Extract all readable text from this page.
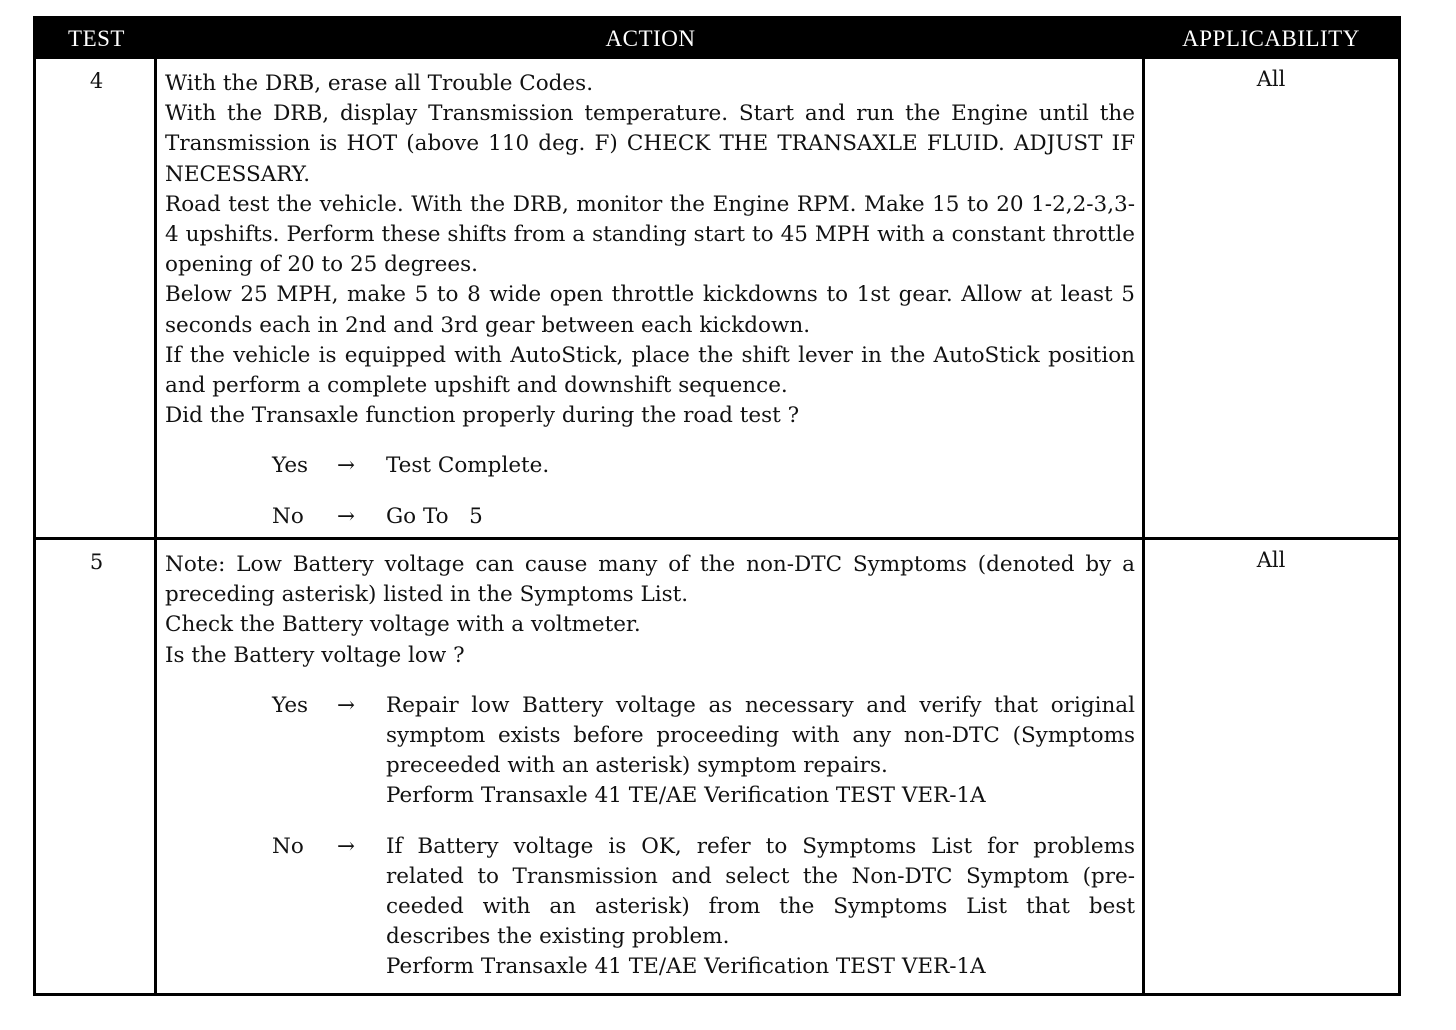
TEST	ACTION	APPLICABILITY
4	With the DRB, erase all Trouble Codes.

With the DRB, display Transmission temperature. Start and run the Engine until the Transmission is HOT (above 110 deg. F) CHECK THE TRANSAXLE FLUID. ADJUST IF NECESSARY.

Road test the vehicle. With the DRB, monitor the Engine RPM. Make 15 to 20 1-2,2-3,3-4 upshifts. Perform these shifts from a standing start to 45 MPH with a constant throttle opening of 20 to 25 degrees.

Below 25 MPH, make 5 to 8 wide open throttle kickdowns to 1st gear. Allow at least 5 seconds each in 2nd and 3rd gear between each kickdown.

If the vehicle is equipped with AutoStick, place the shift lever in the AutoStick position and perform a complete upshift and downshift sequence.

Did the Transaxle function properly during the road test ?

Yes	→	Test Complete.
No	→	Go To   5
All
5	Note: Low Battery voltage can cause many of the non-DTC Symptoms (denoted by a preceding asterisk) listed in the Symptoms List.

Check the Battery voltage with a voltmeter.

Is the Battery voltage low ?

Yes	→	Repair low Battery voltage as necessary and verify that original symptom exists before proceeding with any non-DTC (Symptoms preceeded with an asterisk) symptom repairs.
Perform Transaxle 41 TE/AE Verification TEST VER-1A
No	→	If Battery voltage is OK, refer to Symptoms List for problems related to Transmission and select the Non-DTC Symptom (preceeded with an asterisk) from the Symptoms List that best describes the existing problem.
Perform Transaxle 41 TE/AE Verification TEST VER-1A
All
